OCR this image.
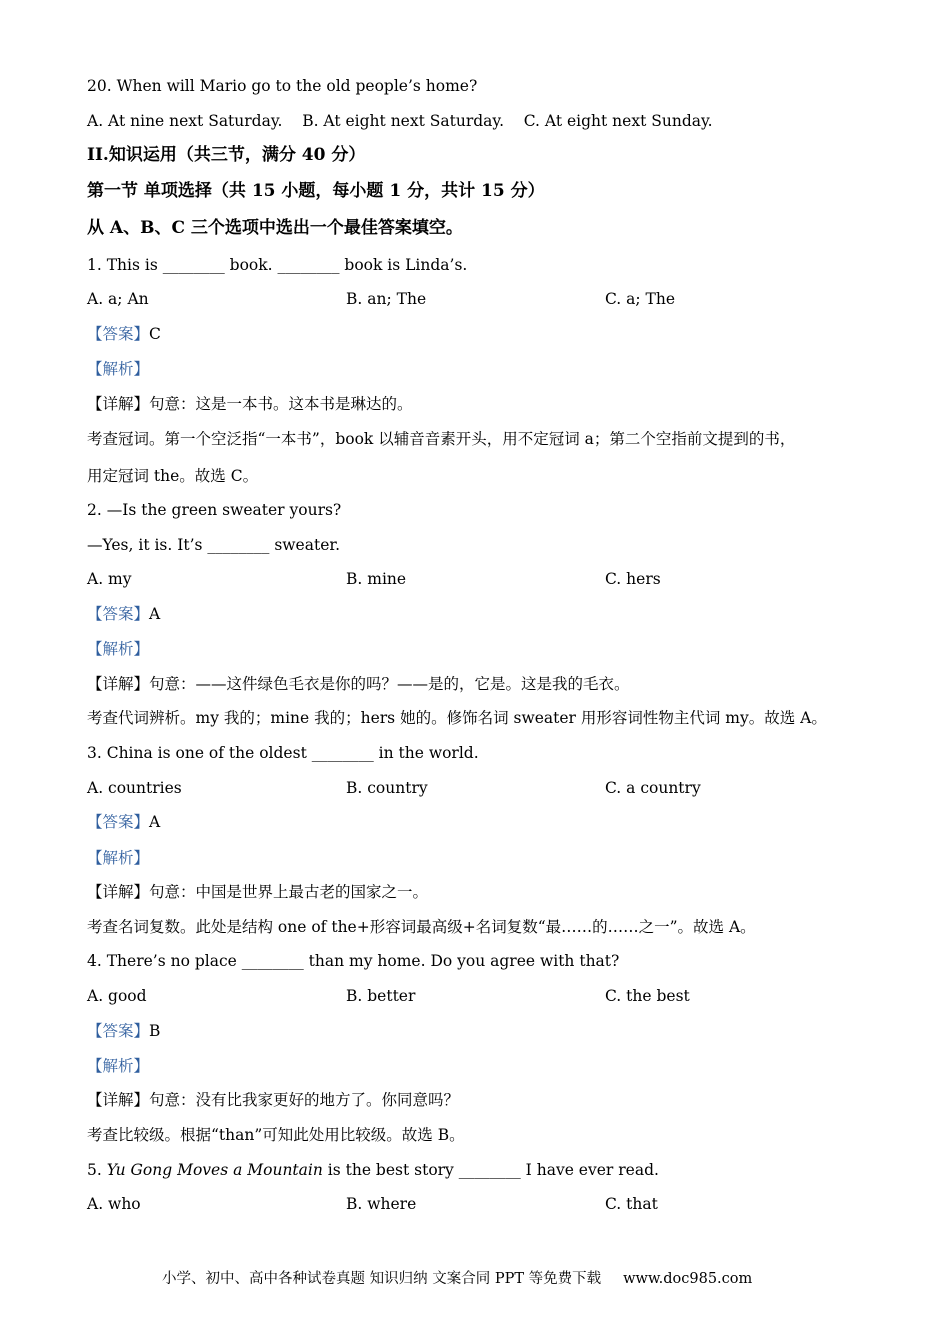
20. When will Mario go to the old people’s home?
A. At nine next Saturday. B. At eight next Saturday. C. At eight next Sunday.
II.知识运用（共三节，满分 40 分）
第一节 单项选择（共 15 小题，每小题 1 分，共计 15 分）
从 A、B、C 三个选项中选出一个最佳答案填空。
1. This is ________ book. ________ book is Linda’s.
A. a; An	B. an; The	C. a; The
【答案】C
【解析】
【详解】句意：这是一本书。这本书是琳达的。
考查冠词。第一个空泛指“一本书”，book 以辅音音素开头，用不定冠词 a；第二个空指前文提到的书，
用定冠词 the。故选 C。
2. —Is the green sweater yours?
—Yes, it is. It’s ________ sweater.
A. my	B. mine	C. hers
【答案】A
【解析】
【详解】句意：——这件绿色毛衣是你的吗？——是的，它是。这是我的毛衣。
考查代词辨析。my 我的；mine 我的；hers 她的。修饰名词 sweater 用形容词性物主代词 my。故选 A。
3. China is one of the oldest ________ in the world.
A. countries	B. country	C. a country
【答案】A
【解析】
【详解】句意：中国是世界上最古老的国家之一。
考查名词复数。此处是结构 one of the+形容词最高级+名词复数“最……的……之一”。故选 A。
4. There’s no place ________ than my home. Do you agree with that?
A. good	B. better	C. the best
【答案】B
【解析】
【详解】句意：没有比我家更好的地方了。你同意吗？
考查比较级。根据“than”可知此处用比较级。故选 B。
5. Yu Gong Moves a Mountain is the best story ________ I have ever read.
A. who	B. where	C. that
小学、初中、高中各种试卷真题 知识归纳 文案合同 PPT 等免费下载 www.doc985.com
